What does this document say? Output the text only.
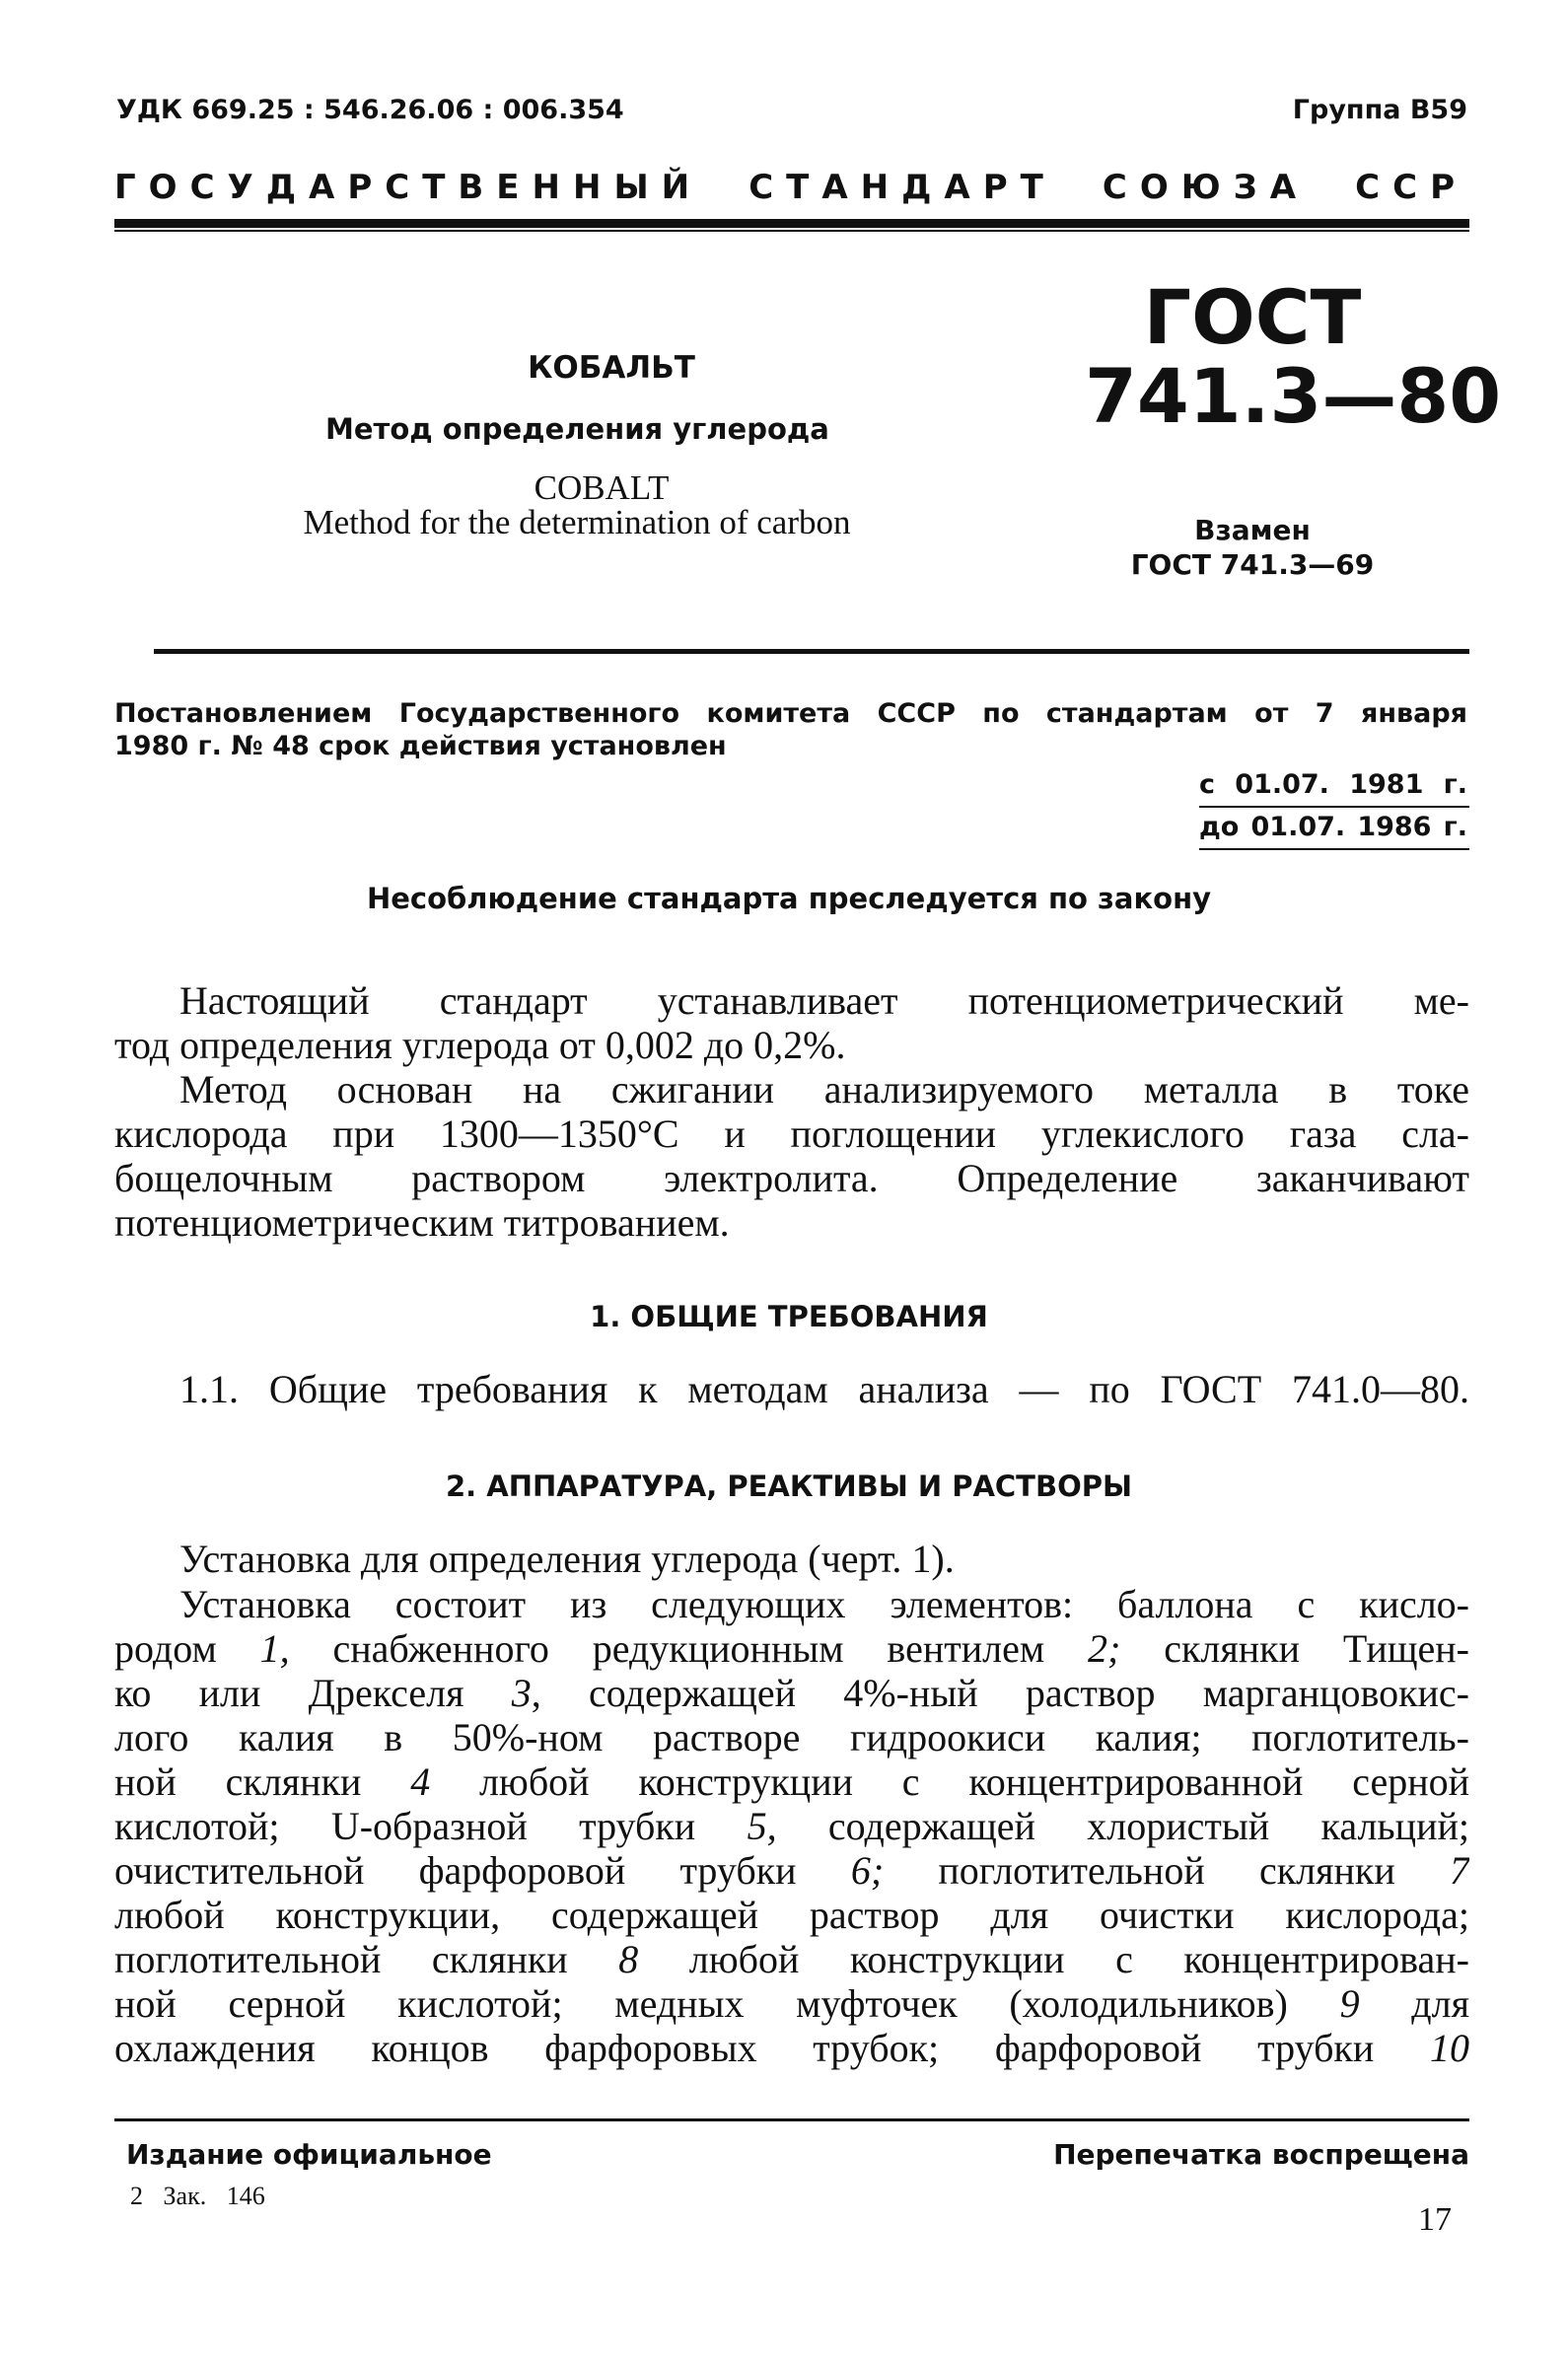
УДК 669.25 : 546.26.06 : 006.354	Группа В59
ГОСУДАРСТВЕННЫЙ СТАНДАРТ СОЮЗА ССР
КОБАЛЬТ
Метод определения углерода
COBALT
Method for the determination of carbon
ГОСТ
741.3—80
Взамен
ГОСТ 741.3—69
Постановлением Государственного комитета СССР по стандартам от 7 января
1980 г. № 48 срок действия установлен
с 01.07. 1981 г.
до 01.07. 1986 г.
Несоблюдение стандарта преследуется по закону
Настоящий стандарт устанавливает потенциометрический ме-
тод определения углерода от 0,002 до 0,2%.
Метод основан на сжигании анализируемого металла в токе
кислорода при 1300—1350°С и поглощении углекислого газа сла-
бощелочным раствором электролита. Определение заканчивают
потенциометрическим титрованием.
1. ОБЩИЕ ТРЕБОВАНИЯ
1.1. Общие требования к методам анализа — по ГОСТ 741.0—80.
2. АППАРАТУРА, РЕАКТИВЫ И РАСТВОРЫ
Установка для определения углерода (черт. 1).
Установка состоит из следующих элементов: баллона с кисло-
родом 1, снабженного редукционным вентилем 2; склянки Тищен-
ко или Дрекселя 3, содержащей 4%-ный раствор марганцовокис-
лого калия в 50%-ном растворе гидроокиси калия; поглотитель-
ной склянки 4 любой конструкции с концентрированной серной
кислотой; U-образной трубки 5, содержащей хлористый кальций;
очистительной фарфоровой трубки 6; поглотительной склянки 7
любой конструкции, содержащей раствор для очистки кислорода;
поглотительной склянки 8 любой конструкции с концентрирован-
ной серной кислотой; медных муфточек (холодильников) 9 для
охлаждения концов фарфоровых трубок; фарфоровой трубки 10
Издание официальное	Перепечатка воспрещена
2 Зак. 146
17
